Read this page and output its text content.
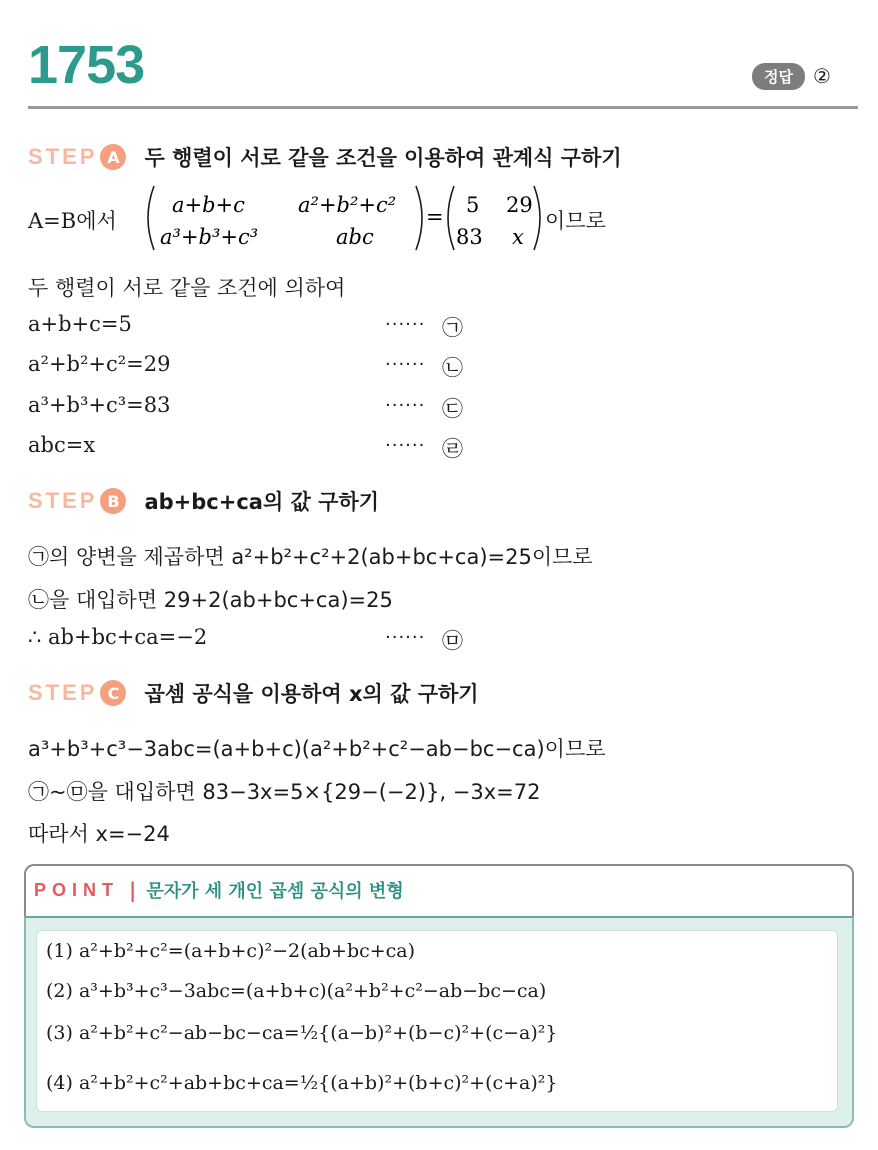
1753	정답	②
STEP A	두 행렬이 서로 같을 조건을 이용하여 관계식 구하기
A=B에서
a+b+c	a²+b²+c²
a³+b³+c³	abc
= 5 29
83 x
이므로
두 행렬이 서로 같을 조건에 의하여
a+b+c=5	······ ㉠
a²+b²+c²=29	······ ㉡
a³+b³+c³=83	······ ㉢
abc=x	······ ㉣
STEP B	ab+bc+ca의 값 구하기
㉠의 양변을 제곱하면 a²+b²+c²+2(ab+bc+ca)=25이므로
㉡을 대입하면 29+2(ab+bc+ca)=25
∴ ab+bc+ca=−2	······ ㉤
STEP C	곱셈 공식을 이용하여 x의 값 구하기
a³+b³+c³−3abc=(a+b+c)(a²+b²+c²−ab−bc−ca)이므로
㉠~㉤을 대입하면 83−3x=5×{29−(−2)}, −3x=72
따라서 x=−24
POINT | 문자가 세 개인 곱셈 공식의 변형
(1) a²+b²+c²=(a+b+c)²−2(ab+bc+ca)
(2) a³+b³+c³−3abc=(a+b+c)(a²+b²+c²−ab−bc−ca)
(3) a²+b²+c²−ab−bc−ca=½{(a−b)²+(b−c)²+(c−a)²}
(4) a²+b²+c²+ab+bc+ca=½{(a+b)²+(b+c)²+(c+a)²}
